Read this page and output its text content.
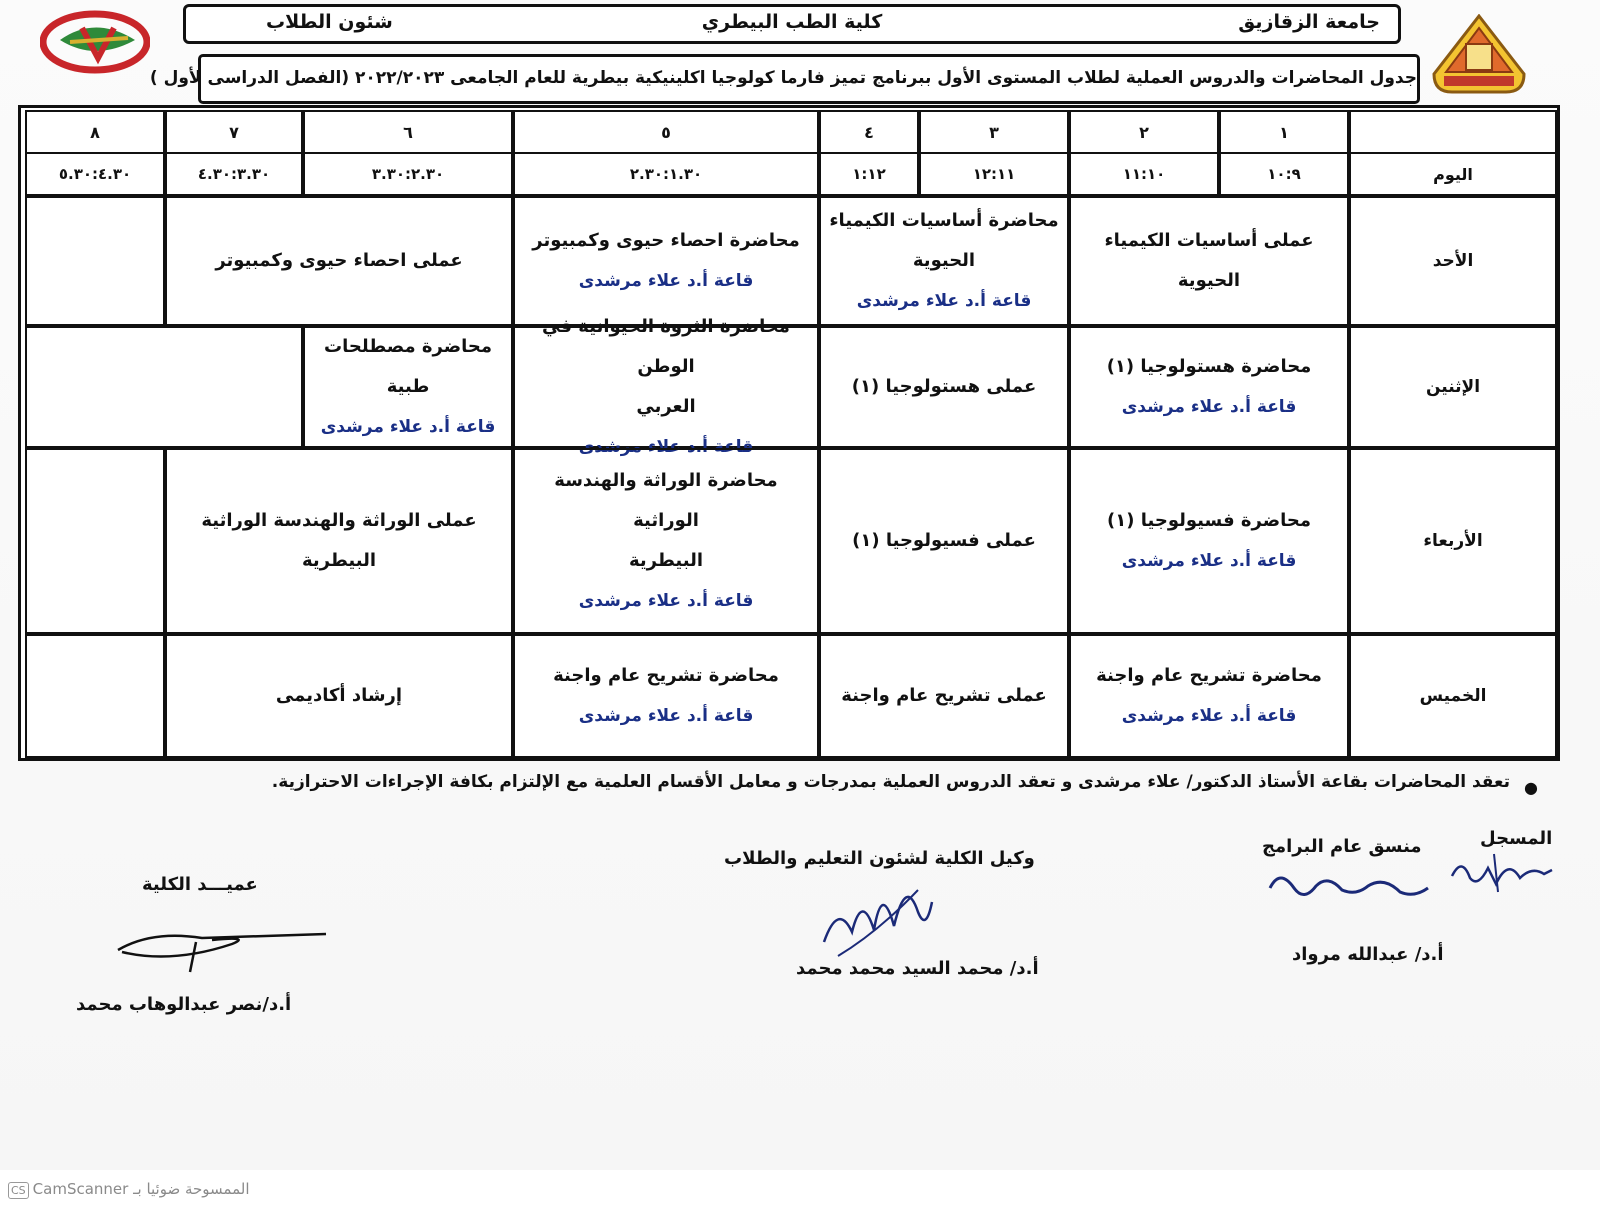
جامعة الزقازيق
كلية الطب البيطري
شئون الطلاب
جدول المحاضرات والدروس العملية لطلاب المستوى الأول ببرنامج تميز فارما كولوجيا اكلينيكية بيطرية للعام الجامعى ٢٠٢٢/٢٠٢٣ (الفصل الدراسى لأول )
اليوم
١
١٠:٩
٢
١١:١٠
٣
١٢:١١
٤
١:١٢
٥
٢.٣٠:١.٣٠
٦
٣.٣٠:٢.٣٠
٧
٤.٣٠:٣.٣٠
٨
٥.٣٠:٤.٣٠
الأحد
عملى أساسيات الكيمياء الحيوية
محاضرة أساسيات الكيمياء
الحيوية
قاعة أ.د علاء مرشدى
محاضرة احصاء حيوى وكمبيوتر
قاعة أ.د علاء مرشدى
عملى احصاء حيوى وكمبيوتر
الإثنين
محاضرة هستولوجيا (١)
قاعة أ.د علاء مرشدى
عملى هستولوجيا (١)
محاضرة الثروة الحيوانية في الوطن
العربي
قاعة أ.د علاء مرشدى
محاضرة مصطلحات
طبية
قاعة أ.د علاء مرشدى
الأربعاء
محاضرة فسيولوجيا (١)
قاعة أ.د علاء مرشدى
عملى فسيولوجيا (١)
محاضرة الوراثة والهندسة الوراثية
البيطرية
قاعة أ.د علاء مرشدى
عملى الوراثة والهندسة الوراثية
البيطرية
الخميس
محاضرة تشريح عام واجنة
قاعة أ.د علاء مرشدى
عملى تشريح عام واجنة
محاضرة تشريح عام واجنة
قاعة أ.د علاء مرشدى
إرشاد أكاديمى
●
تعقد المحاضرات بقاعة الأستاذ الدكتور/ علاء مرشدى و تعقد الدروس العملية بمدرجات و معامل الأقسام العلمية مع الإلتزام بكافة الإجراءات الاحترازية.
المسجل
منسق عام البرامج
أ.د/ عبدالله مرواد
وكيل الكلية لشئون التعليم والطلاب
أ.د/ محمد السيد محمد محمد
عميـــد الكلية
أ.د/نصر عبدالوهاب محمد
CS CamScanner الممسوحة ضوئيا بـ
